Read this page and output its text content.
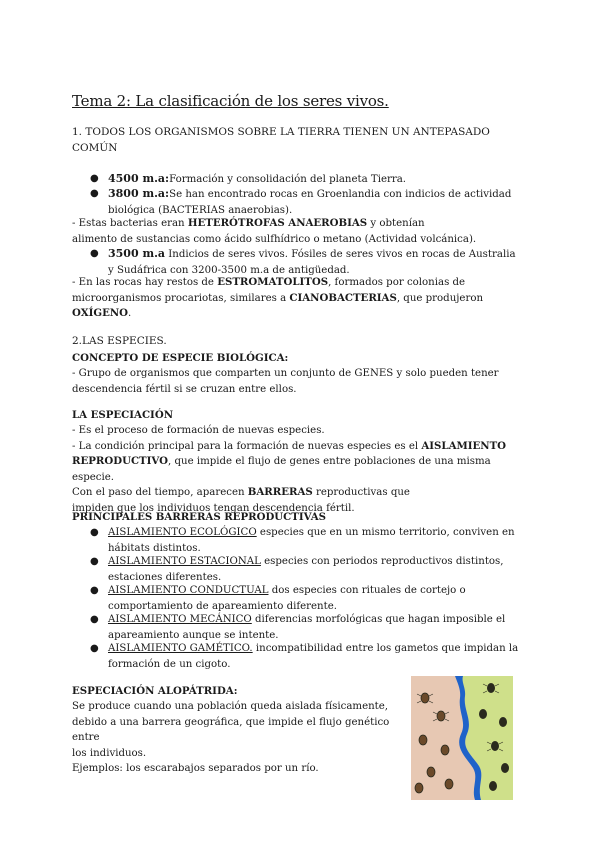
Tema 2: La clasificación de los seres vivos.
1. TODOS LOS ORGANISMOS SOBRE LA TIERRA TIENEN UN ANTEPASADO COMÚN
● 4500 m.a:Formación y consolidación del planeta Tierra.
● 3800 m.a:Se han encontrado rocas en Groenlandia con indicios de actividad biológica (BACTERIAS anaerobias).
- Estas bacterias eran HETERÓTROFAS ANAEROBIAS y obtenían
alimento de sustancias como ácido sulfhídrico o metano (Actividad volcánica).
● 3500 m.a Indicios de seres vivos. Fósiles de seres vivos en rocas de Australia y Sudáfrica con 3200-3500 m.a de antigüedad.
- En las rocas hay restos de ESTROMATOLITOS, formados por colonias de
microorganismos procariotas, similares a CIANOBACTERIAS, que produjeron
OXÍGENO.
2.LAS ESPECIES.
CONCEPTO DE ESPECIE BIOLÓGICA:
- Grupo de organismos que comparten un conjunto de GENES y solo pueden tener descendencia fértil si se cruzan entre ellos.
LA ESPECIACIÓN
- Es el proceso de formación de nuevas especies.
- La condición principal para la formación de nuevas especies es el AISLAMIENTO REPRODUCTIVO, que impide el flujo de genes entre poblaciones de una misma especie.
Con el paso del tiempo, aparecen BARRERAS reproductivas que
impiden que los individuos tengan descendencia fértil.
PRINCIPALES BARRERAS REPRODUCTIVAS
● AISLAMIENTO ECOLÓGICO especies que en un mismo territorio, conviven en hábitats distintos.
● AISLAMIENTO ESTACIONAL especies con periodos reproductivos distintos, estaciones diferentes.
● AISLAMIENTO CONDUCTUAL dos especies con rituales de cortejo o comportamiento de apareamiento diferente.
● AISLAMIENTO MECÁNICO diferencias morfológicas que hagan imposible el apareamiento aunque se intente.
● AISLAMIENTO GAMÉTICO. incompatibilidad entre los gametos que impidan la formación de un cigoto.
ESPECIACIÓN ALOPÁTRIDA:
Se produce cuando una población queda aislada físicamente,
debido a una barrera geográfica, que impide el flujo genético entre
los individuos.
Ejemplos: los escarabajos separados por un río.
